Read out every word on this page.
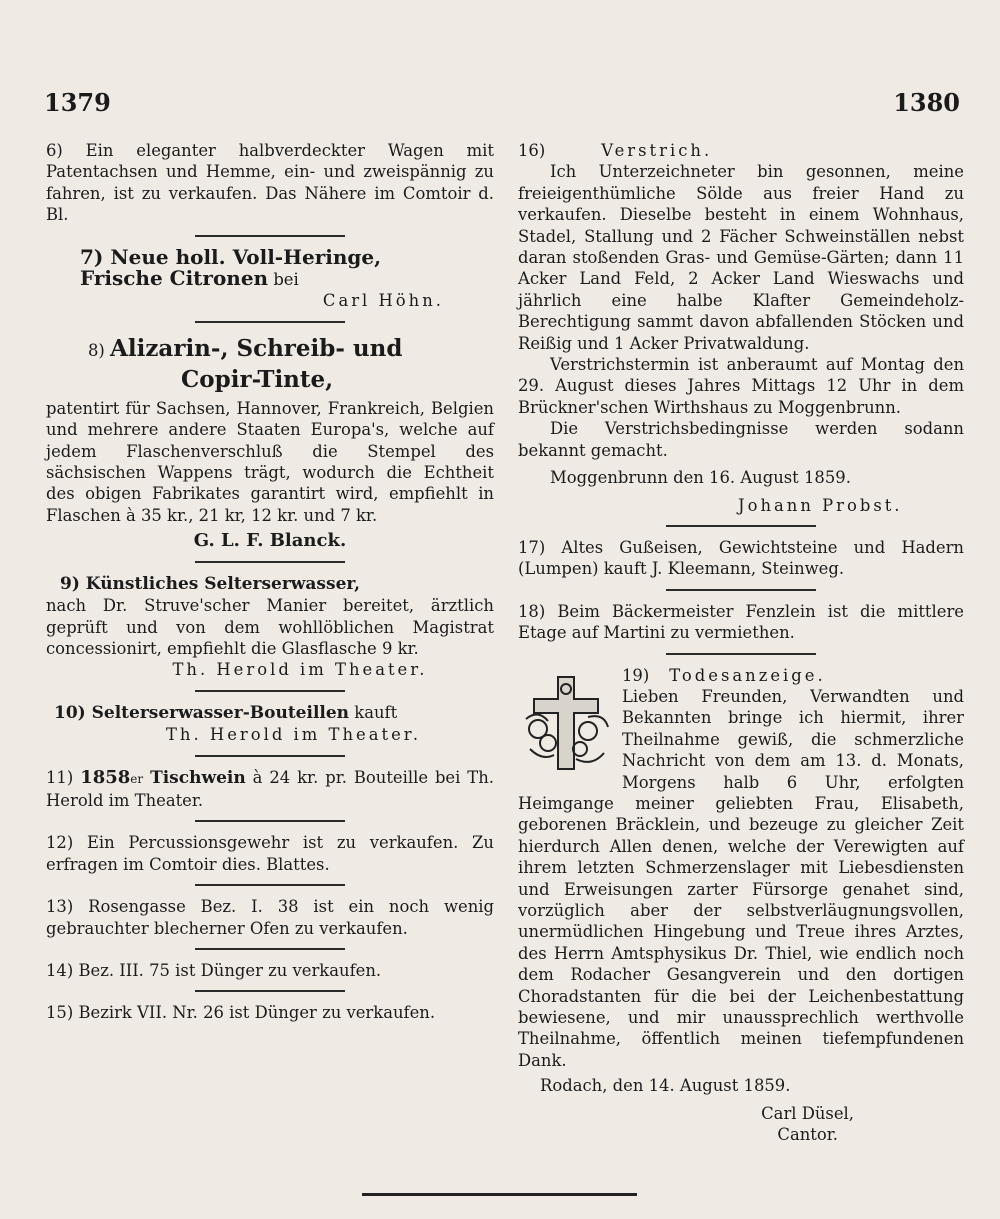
1379	1380

6) Ein eleganter halbverdeckter Wagen mit Patentachsen und Hemme, ein- und zweispännig zu fahren, ist zu verkaufen. Das Nähere im Comtoir d. Bl.

7) Neue holl. Voll-Heringe,
Frische Citronen bei
Carl Höhn.
8) Alizarin-, Schreib- und
Copir-Tinte,

patentirt für Sachsen, Hannover, Frankreich, Belgien und mehrere andere Staaten Europa's, welche auf jedem Flaschenverschluß die Stempel des sächsischen Wappens trägt, wodurch die Echtheit des obigen Fabrikates garantirt wird, empfiehlt in Flaschen à 35 kr., 21 kr, 12 kr. und 7 kr.

G. L. F. Blanck.
9) Künstliches Selterserwasser,

nach Dr. Struve'scher Manier bereitet, ärztlich geprüft und von dem wohllöblichen Magistrat concessionirt, empfiehlt die Glasflasche 9 kr.

Th. Herold im Theater.
10) Selterserwasser-Bouteillen kauft
Th. Herold im Theater.

11) 1858er Tischwein à 24 kr. pr. Bouteille bei Th. Herold im Theater.

12) Ein Percussionsgewehr ist zu verkaufen. Zu erfragen im Comtoir dies. Blattes.

13) Rosengasse Bez. I. 38 ist ein noch wenig gebrauchter blecherner Ofen zu verkaufen.

14) Bez. III. 75 ist Dünger zu verkaufen.

15) Bezirk VII. Nr. 26 ist Dünger zu verkaufen.

16)	Verstrich.

Ich Unterzeichneter bin gesonnen, meine freieigenthümliche Sölde aus freier Hand zu verkaufen. Dieselbe besteht in einem Wohnhaus, Stadel, Stallung und 2 Fächer Schweinställen nebst daran stoßenden Gras- und Gemüse-Gärten; dann 11 Acker Land Feld, 2 Acker Land Wieswachs und jährlich eine halbe Klafter Gemeindeholz-Berechtigung sammt davon abfallenden Stöcken und Reißig und 1 Acker Privatwaldung.

Verstrichstermin ist anberaumt auf Montag den 29. August dieses Jahres Mittags 12 Uhr in dem Brückner'schen Wirthshaus zu Moggenbrunn.

Die Verstrichsbedingnisse werden sodann bekannt gemacht.

Moggenbrunn den 16. August 1859.
Johann Probst.

17) Altes Gußeisen, Gewichtsteine und Hadern (Lumpen) kauft J. Kleemann, Steinweg.

18) Beim Bäckermeister Fenzlein ist die mittlere Etage auf Martini zu vermiethen.

19) Todesanzeige.

Lieben Freunden, Verwandten und Bekannten bringe ich hiermit, ihrer Theilnahme gewiß, die schmerzliche Nachricht von dem am 13. d. Monats, Morgens halb 6 Uhr, erfolgten Heimgange meiner geliebten Frau, Elisabeth, geborenen Bräcklein, und bezeuge zu gleicher Zeit hierdurch Allen denen, welche der Verewigten auf ihrem letzten Schmerzenslager mit Liebesdiensten und Erweisungen zarter Fürsorge genahet sind, vorzüglich aber der selbstverläugnungsvollen, unermüdlichen Hingebung und Treue ihres Arztes, des Herrn Amtsphysikus Dr. Thiel, wie endlich noch dem Rodacher Gesangverein und den dortigen Choradstanten für die bei der Leichenbestattung bewiesene, und mir unaussprechlich werthvolle Theilnahme, öffentlich meinen tiefempfundenen Dank.

Rodach, den 14. August 1859.
Carl Düsel,
Cantor.
